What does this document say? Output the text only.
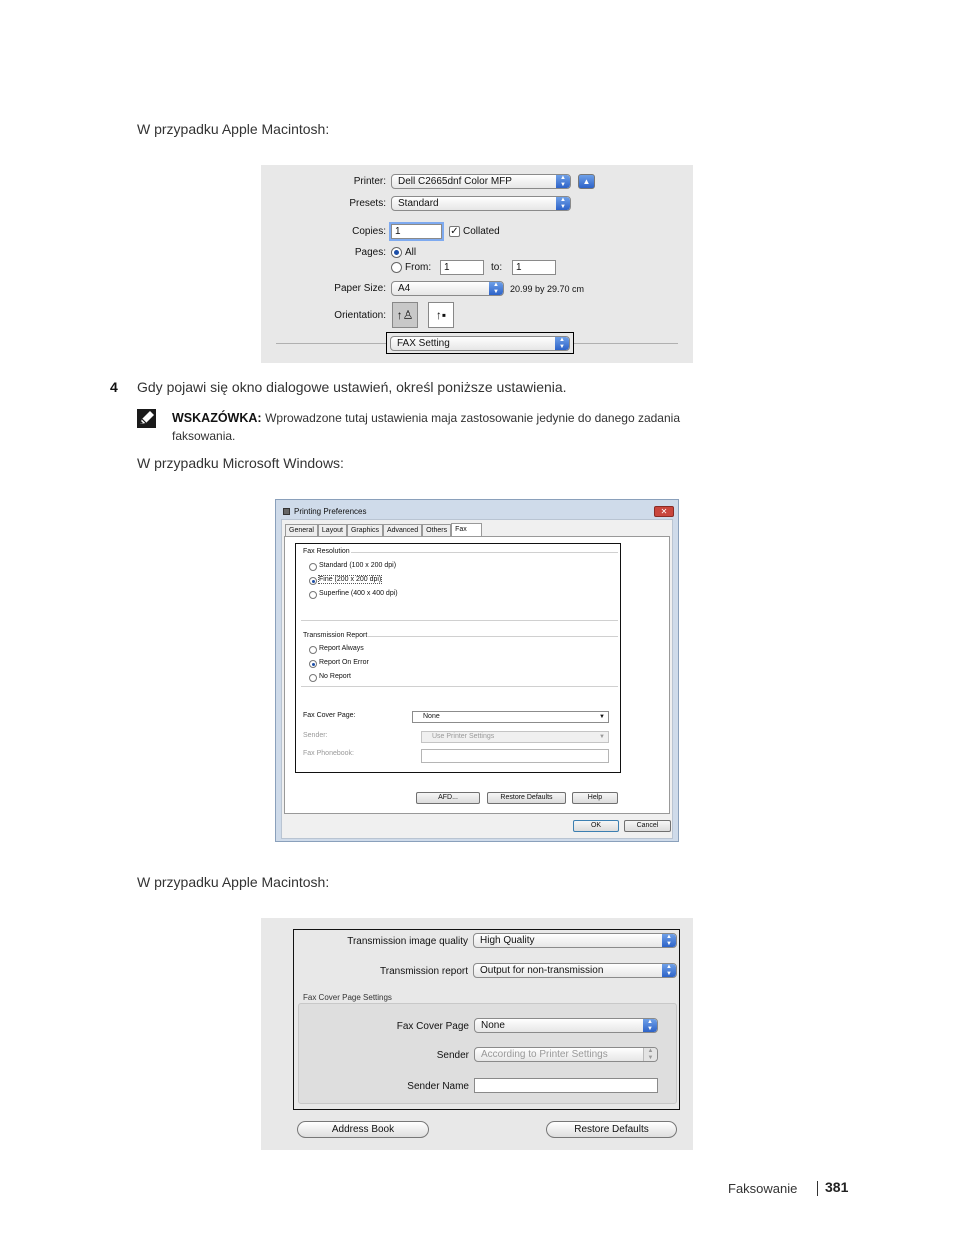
W przypadku Apple Macintosh:
Printer:	Dell C2665dnf Color MFP	▲
▼	▲
Presets:	Standard	▲
▼
Copies: 1	✓ Collated
Pages: All
From:	1	to:	1
Paper Size:	A4	▲
▼	20.99 by 29.70 cm
Orientation: ↑♙	↑▪
FAX Setting	▲
▼
4 Gdy pojawi się okno dialogowe ustawień, określ poniższe ustawienia.
WSKAZÓWKA: Wprowadzone tutaj ustawienia maja zastosowanie jedynie do danego zadania
faksowania.
W przypadku Microsoft Windows:
Printing Preferences	✕
General	Layout	Graphics	Advanced	Others	Fax
Fax Resolution
Standard (100 x 200 dpi)
Fine (200 x 200 dpi)
Superfine (400 x 400 dpi)
Transmission Report
Report Always
Report On Error
No Report
Fax Cover Page:	None	▼
Sender:	Use Printer Settings	▼
Fax Phonebook:
AFD...	Restore Defaults	Help
OK	Cancel
W przypadku Apple Macintosh:
Transmission image quality	High Quality	▲
▼
Transmission report	Output for non-transmission	▲
▼
Fax Cover Page Settings
Fax Cover Page	None	▲
▼
Sender	According to Printer Settings	▲
▼
Sender Name
Address Book	Restore Defaults
Faksowanie 381
